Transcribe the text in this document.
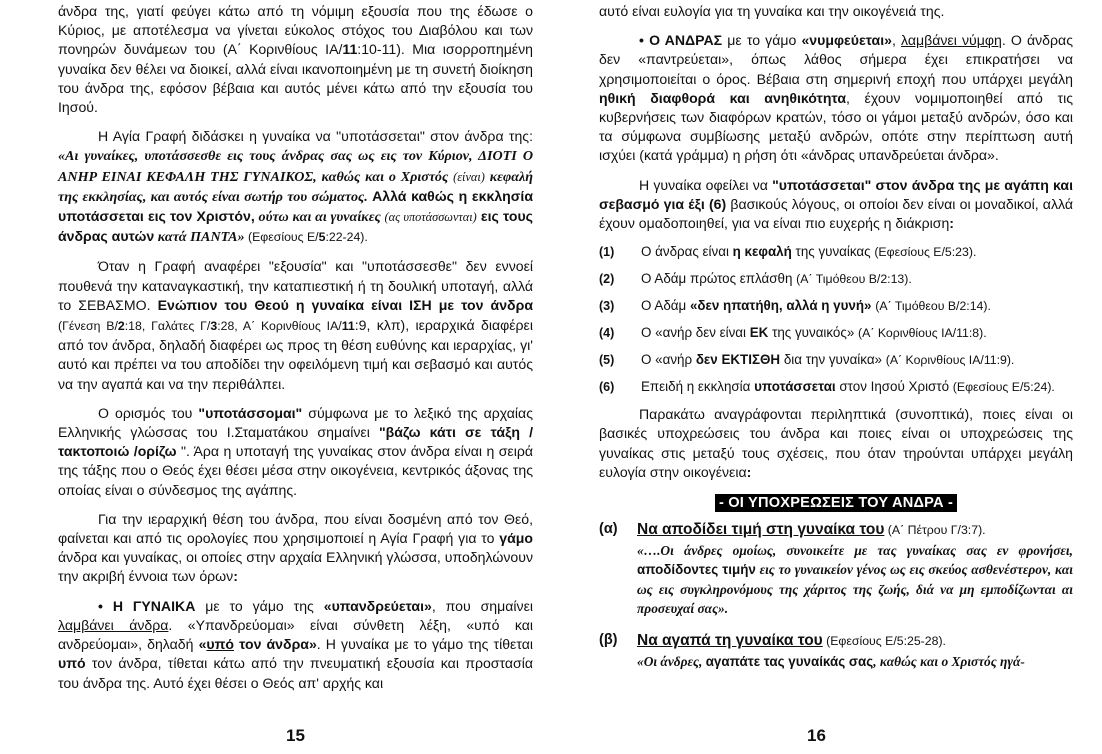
άνδρα της, γιατί φεύγει κάτω από τη νόμιμη εξουσία που της έδωσε ο Κύριος, με αποτέλεσμα να γίνεται εύκολος στόχος του Διαβόλου και των πονηρών δυνάμεων του (Α΄ Κορινθίους ΙΑ/11:10-11). Μια ισορροπημένη γυναίκα δεν θέλει να διοικεί, αλλά είναι ικανοποιημένη με τη συνετή διοίκηση του άνδρα της, εφόσον βέβαια και αυτός μένει κάτω από την εξουσία του Ιησού.

Η Αγία Γραφή διδάσκει η γυναίκα να "υποτάσσεται" στον άνδρα της: «Αι γυναίκες, υποτάσσεσθε εις τους άνδρας σας ως εις τον Κύριον, ΔΙΟΤΙ Ο ΑΝΗΡ ΕΙΝΑΙ ΚΕΦΑΛΗ ΤΗΣ ΓΥΝΑΙΚΟΣ, καθώς και ο Χριστός (είναι) κεφαλή της εκκλησίας, και αυτός είναι σωτήρ του σώματος. Αλλά καθώς η εκκλησία υποτάσσεται εις τον Χριστόν, ούτω και αι γυναίκες (ας υποτάσσωνται) εις τους άνδρας αυτών κατά ΠΑΝΤΑ» (Εφεσίους Ε/5:22-24).

Όταν η Γραφή αναφέρει "εξουσία" και "υποτάσσεσθε" δεν εννοεί πουθενά την καταναγκαστική, την καταπιεστική ή τη δουλική υποταγή, αλλά το ΣΕΒΑΣΜΟ. Ενώπιον του Θεού η γυναίκα είναι ΙΣΗ με τον άνδρα (Γένεση Β/2:18, Γαλάτες Γ/3:28, Α΄ Κορινθίους ΙΑ/11:9, κλπ), ιεραρχικά διαφέρει από τον άνδρα, δηλαδή διαφέρει ως προς τη θέση ευθύνης και ιεραρχίας, γι' αυτό και πρέπει να του αποδίδει την οφειλόμενη τιμή και σεβασμό και αυτός να την αγαπά και να την περιθάλπει.

Ο ορισμός του "υποτάσσομαι" σύμφωνα με το λεξικό της αρχαίας Ελληνικής γλώσσας του Ι.Σταματάκου σημαίνει "βάζω κάτι σε τάξη /τακτοποιώ /ορίζω ". Άρα η υποταγή της γυναίκας στον άνδρα είναι η σειρά της τάξης που ο Θεός έχει θέσει μέσα στην οικογένεια, κεντρικός άξονας της οποίας είναι ο σύνδεσμος της αγάπης.

Για την ιεραρχική θέση του άνδρα, που είναι δοσμένη από τον Θεό, φαίνεται και από τις ορολογίες που χρησιμοποιεί η Αγία Γραφή για το γάμο άνδρα και γυναίκας, οι οποίες στην αρχαία Ελληνική γλώσσα, υποδηλώνουν την ακριβή έννοια των όρων:

• Η ΓΥΝΑΙΚΑ με το γάμο της «υπανδρεύεται», που σημαίνει λαμβάνει άνδρα. «Υπανδρεύομαι» είναι σύνθετη λέξη, «υπό και ανδρεύομαι», δηλαδή «υπό τον άνδρα». Η γυναίκα με το γάμο της τίθεται υπό τον άνδρα, τίθεται κάτω από την πνευματική εξουσία και προστασία του άνδρα της. Αυτό έχει θέσει ο Θεός απ' αρχής και

15

αυτό είναι ευλογία για τη γυναίκα και την οικογένειά της.

• Ο ΑΝΔΡΑΣ με το γάμο «νυμφεύεται», λαμβάνει νύμφη. Ο άνδρας δεν «παντρεύεται», όπως λάθος σήμερα έχει επικρατήσει να χρησιμοποιείται ο όρος. Βέβαια στη σημερινή εποχή που υπάρχει μεγάλη ηθική διαφθορά και ανηθικότητα, έχουν νομιμοποιηθεί από τις κυβερνήσεις των διαφόρων κρατών, τόσο οι γάμοι μεταξύ ανδρών, όσο και τα σύμφωνα συμβίωσης μεταξύ ανδρών, οπότε στην περίπτωση αυτή ισχύει (κατά γράμμα) η ρήση ότι «άνδρας υπανδρεύεται άνδρα».

Η γυναίκα οφείλει να "υποτάσσεται" στον άνδρα της με αγάπη και σεβασμό για έξι (6) βασικούς λόγους, οι οποίοι δεν είναι οι μοναδικοί, αλλά έχουν ομαδοποιηθεί, για να είναι πιο ευχερής η διάκριση:

(1)	Ο άνδρας είναι η κεφαλή της γυναίκας (Εφεσίους Ε/5:23).
(2)	Ο Αδάμ πρώτος επλάσθη (Α΄ Τιμόθεου Β/2:13).
(3)	Ο Αδάμ «δεν ηπατήθη, αλλά η γυνή» (Α΄ Τιμόθεου Β/2:14).
(4)	Ο «ανήρ δεν είναι ΕΚ της γυναικός» (Α΄ Κορινθίους ΙΑ/11:8).
(5)	Ο «ανήρ δεν ΕΚΤΙΣΘΗ δια την γυναίκα» (Α΄ Κορινθίους ΙΑ/11:9).
(6)	Επειδή η εκκλησία υποτάσσεται στον Ιησού Χριστό (Εφεσίους Ε/5:24).

Παρακάτω αναγράφονται περιληπτικά (συνοπτικά), ποιες είναι οι βασικές υποχρεώσεις του άνδρα και ποιες είναι οι υποχρεώσεις της γυναίκας στις μεταξύ τους σχέσεις, που όταν τηρούνται υπάρχει μεγάλη ευλογία στην οικογένεια:

- ΟΙ ΥΠΟΧΡΕΩΣΕΙΣ ΤΟΥ ΑΝΔΡΑ -
(α)	Να αποδίδει τιμή στη γυναίκα του (Α΄ Πέτρου Γ/3:7).
«….Οι άνδρες ομοίως, συνοικείτε με τας γυναίκας σας εν φρονήσει, αποδίδοντες τιμήν εις το γυναικείον γένος ως εις σκεύος ασθενέστερον, και ως εις συγκληρονόμους της χάριτος της ζωής, διά να μη εμποδίζωνται αι προσευχαί σας».
(β)	Να αγαπά τη γυναίκα του (Εφεσίους Ε/5:25-28).
«Οι άνδρες, αγαπάτε τας γυναίκάς σας, καθώς και ο Χριστός ηγά-
16
